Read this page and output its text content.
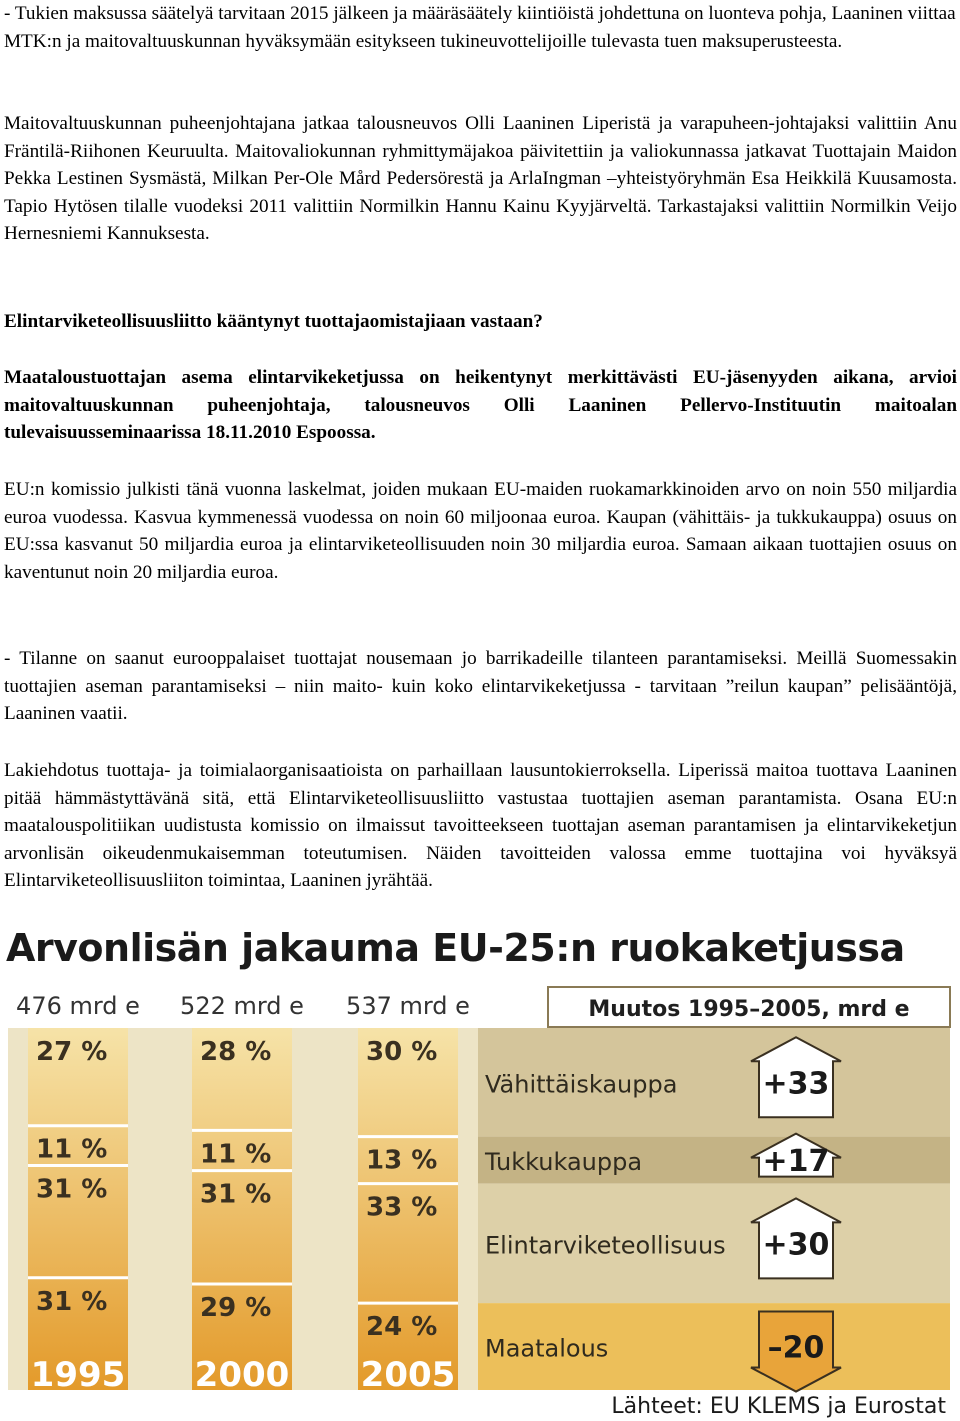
- Tukien maksussa säätelyä tarvitaan 2015 jälkeen ja määräsäätely kiintiöistä johdettuna on luonteva pohja, Laaninen viittaa MTK:n ja maitovaltuuskunnan hyväksymään esitykseen tukineuvottelijoille tulevasta tuen maksuperusteesta.

Maitovaltuuskunnan puheenjohtajana jatkaa talousneuvos Olli Laaninen Liperistä ja varapuheen-johtajaksi valittiin Anu Fräntilä-Riihonen Keuruulta. Maitovaliokunnan ryhmittymäjakoa päivitettiin ja valiokunnassa jatkavat Tuottajain Maidon Pekka Lestinen Sysmästä, Milkan Per-Ole Mård Pedersörestä ja ArlaIngman –yhteistyöryhmän Esa Heikkilä Kuusamosta. Tapio Hytösen tilalle vuodeksi 2011 valittiin Normilkin Hannu Kainu Kyyjärveltä. Tarkastajaksi valittiin Normilkin Veijo Hernesniemi Kannuksesta.

Elintarviketeollisuusliitto kääntynyt tuottajaomistajiaan vastaan?

Maataloustuottajan asema elintarvikeketjussa on heikentynyt merkittävästi EU-jäsenyyden aikana, arvioi maitovaltuuskunnan puheenjohtaja, talousneuvos Olli Laaninen Pellervo-Instituutin maitoalan tulevaisuusseminaarissa 18.11.2010 Espoossa.

EU:n komissio julkisti tänä vuonna laskelmat, joiden mukaan EU-maiden ruokamarkkinoiden arvo on noin 550 miljardia euroa vuodessa. Kasvua kymmenessä vuodessa on noin 60 miljoonaa euroa. Kaupan (vähittäis- ja tukkukauppa) osuus on EU:ssa kasvanut 50 miljardia euroa ja elintarviketeollisuuden noin 30 miljardia euroa. Samaan aikaan tuottajien osuus on kaventunut noin 20 miljardia euroa.

- Tilanne on saanut eurooppalaiset tuottajat nousemaan jo barrikadeille tilanteen parantamiseksi. Meillä Suomessakin tuottajien aseman parantamiseksi – niin maito- kuin koko elintarvikeketjussa - tarvitaan ”reilun kaupan” pelisääntöjä, Laaninen vaatii.

Lakiehdotus tuottaja- ja toimialaorganisaatioista on parhaillaan lausuntokierroksella. Liperissä maitoa tuottava Laaninen pitää hämmästyttävänä sitä, että Elintarviketeollisuusliitto vastustaa tuottajien aseman parantamista. Osana EU:n maatalouspolitiikan uudistusta komissio on ilmaissut tavoitteekseen tuottajan aseman parantamisen ja elintarvikeketjun arvonlisän oikeudenmukaisemman toteutumisen. Näiden tavoitteiden valossa emme tuottajina voi hyväksyä Elintarviketeollisuusliiton toimintaa, Laaninen jyrähtää.

27 %
11 %
31 %
31 %
476 mrd e
1995
28 %
11 %
31 %
29 %
522 mrd e
2000
30 %
13 %
33 %
24 %
537 mrd e
2005
Vähittäiskauppa
Tukkukauppa
Elintarviketeollisuus
Maatalous
Muutos 1995–2005, mrd e
+33
+17
+30
–20
Lähteet: EU KLEMS ja Eurostat
Arvonlisän jakauma EU-25:n ruokaketjussa
